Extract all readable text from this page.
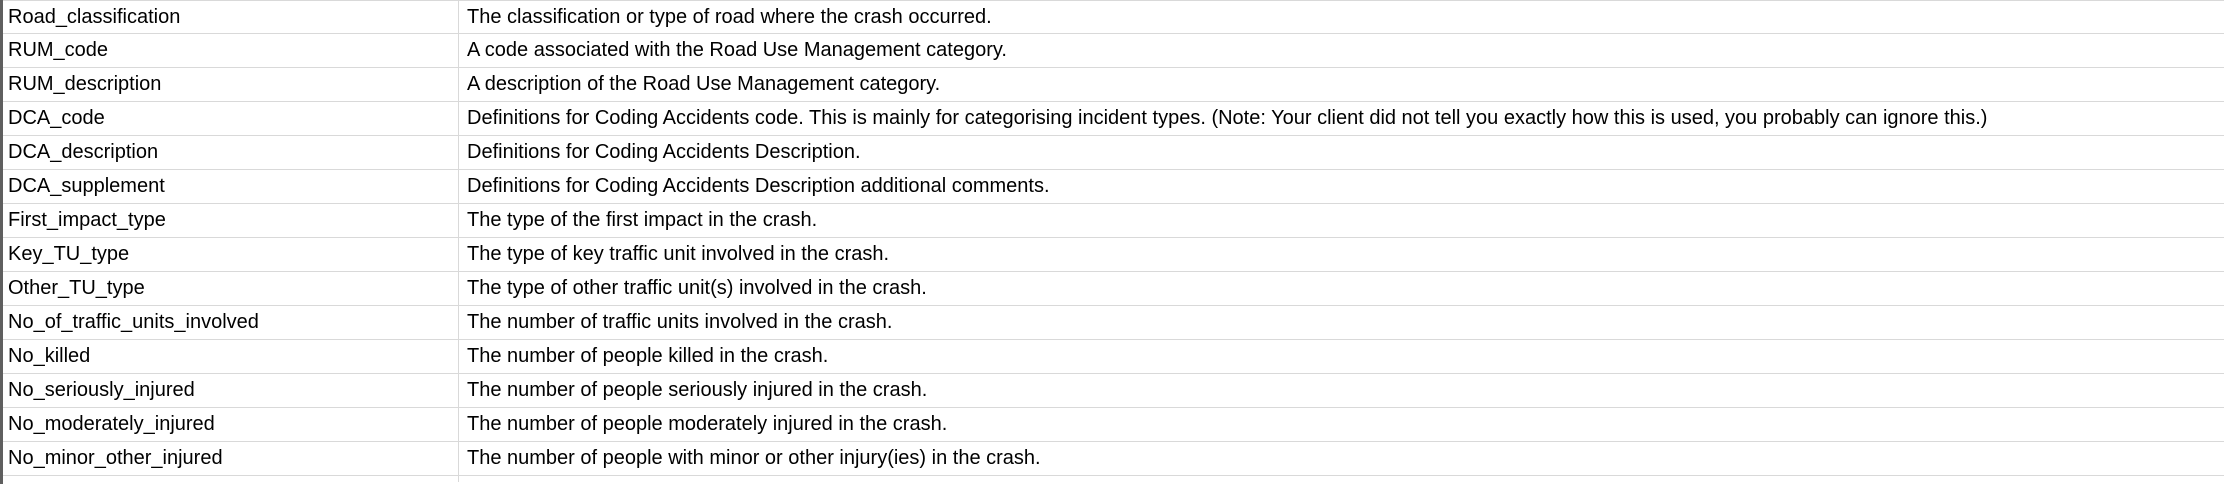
Road_classification	The classification or type of road where the crash occurred.
RUM_code	A code associated with the Road Use Management category.
RUM_description	A description of the Road Use Management category.
DCA_code	Definitions for Coding Accidents code. This is mainly for categorising incident types. (Note: Your client did not tell you exactly how this is used, you probably can ignore this.)
DCA_description	Definitions for Coding Accidents Description.
DCA_supplement	Definitions for Coding Accidents Description additional comments.
First_impact_type	The type of the first impact in the crash.
Key_TU_type	The type of key traffic unit involved in the crash.
Other_TU_type	The type of other traffic unit(s) involved in the crash.
No_of_traffic_units_involved	The number of traffic units involved in the crash.
No_killed	The number of people killed in the crash.
No_seriously_injured	The number of people seriously injured in the crash.
No_moderately_injured	The number of people moderately injured in the crash.
No_minor_other_injured	The number of people with minor or other injury(ies) in the crash.
